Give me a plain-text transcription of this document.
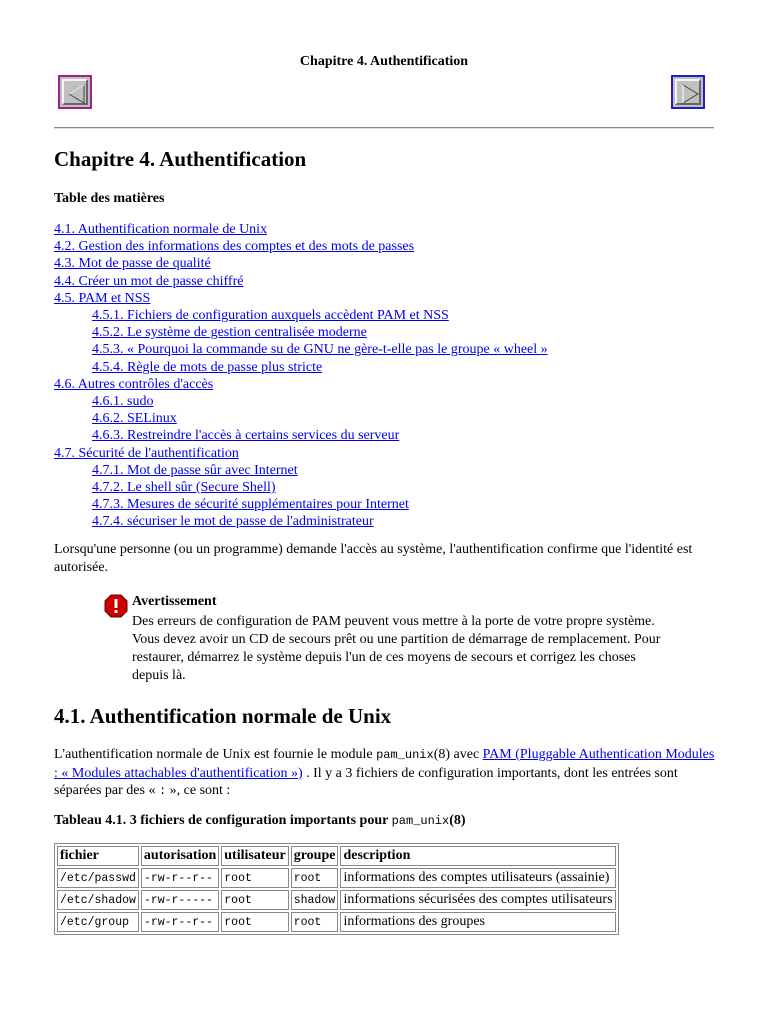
Chapitre 4. Authentification
Chapitre 4. Authentification
Table des matières
4.1. Authentification normale de Unix
4.2. Gestion des informations des comptes et des mots de passes
4.3. Mot de passe de qualité
4.4. Créer un mot de passe chiffré
4.5. PAM et NSS
4.5.1. Fichiers de configuration auxquels accèdent PAM et NSS
4.5.2. Le système de gestion centralisée moderne
4.5.3. « Pourquoi la commande su de GNU ne gère-t-elle pas le groupe « wheel »
4.5.4. Règle de mots de passe plus stricte
4.6. Autres contrôles d'accès
4.6.1. sudo
4.6.2. SELinux
4.6.3. Restreindre l'accès à certains services du serveur
4.7. Sécurité de l'authentification
4.7.1. Mot de passe sûr avec Internet
4.7.2. Le shell sûr (Secure Shell)
4.7.3. Mesures de sécurité supplémentaires pour Internet
4.7.4. sécuriser le mot de passe de l'administrateur
Lorsqu'une personne (ou un programme) demande l'accès au système, l'authentification confirme que l'identité est autorisée.
Avertissement
Des erreurs de configuration de PAM peuvent vous mettre à la porte de votre propre système. Vous devez avoir un CD de secours prêt ou une partition de démarrage de remplacement. Pour restaurer, démarrez le système depuis l'un de ces moyens de secours et corrigez les choses depuis là.
4.1. Authentification normale de Unix
L'authentification normale de Unix est fournie le module pam_unix(8) avec PAM (Pluggable Authentication Modules : « Modules attachables d'authentification ») . Il y a 3 fichiers de configuration importants, dont les entrées sont séparées par des « : », ce sont :
Tableau 4.1. 3 fichiers de configuration importants pour pam_unix(8)
fichier	autorisation	utilisateur	groupe	description
/etc/passwd	-rw-r--r--	root	root	informations des comptes utilisateurs (assainie)
/etc/shadow	-rw-r-----	root	shadow	informations sécurisées des comptes utilisateurs
/etc/group	-rw-r--r--	root	root	informations des groupes
